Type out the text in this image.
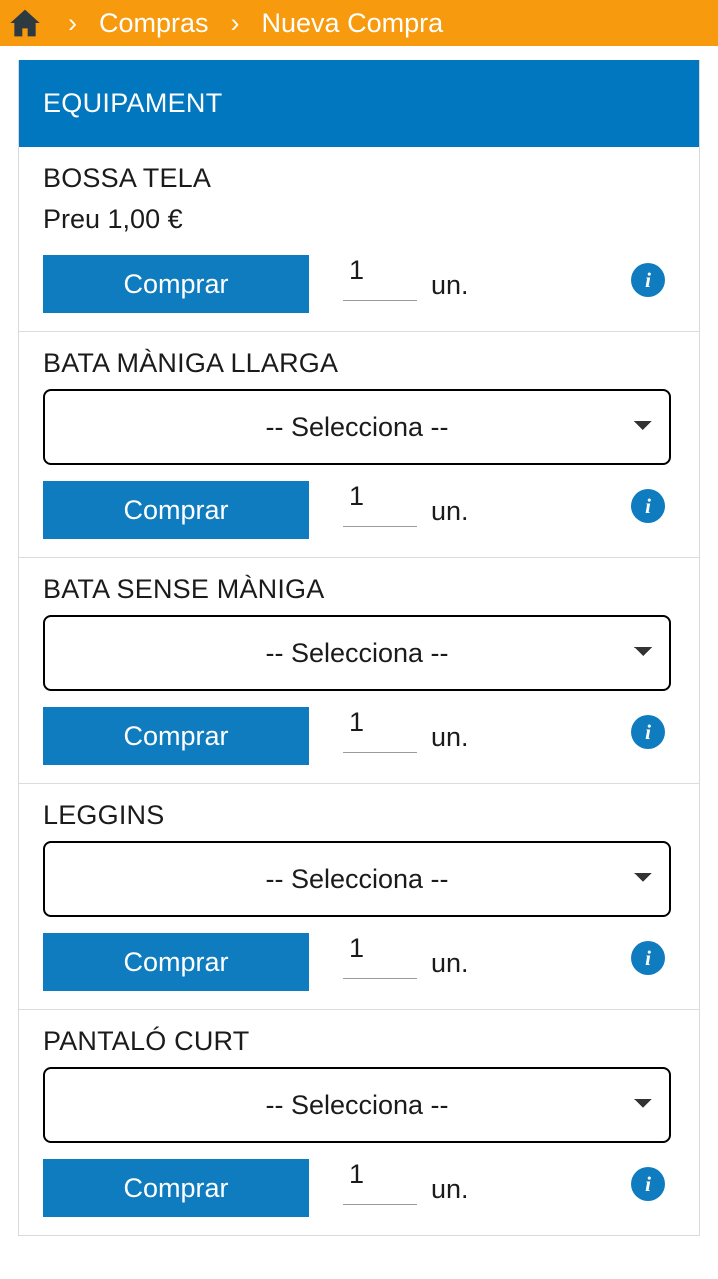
› Compras › Nueva Compra
EQUIPAMENT
BOSSA TELA
Preu 1,00 €
Comprar
1	un.	i
BATA MÀNIGA LLARGA
-- Selecciona --
Comprar
1	un.	i
BATA SENSE MÀNIGA
-- Selecciona --
Comprar
1	un.	i
LEGGINS
-- Selecciona --
Comprar
1	un.	i
PANTALÓ CURT
-- Selecciona --
Comprar
1	un.	i
